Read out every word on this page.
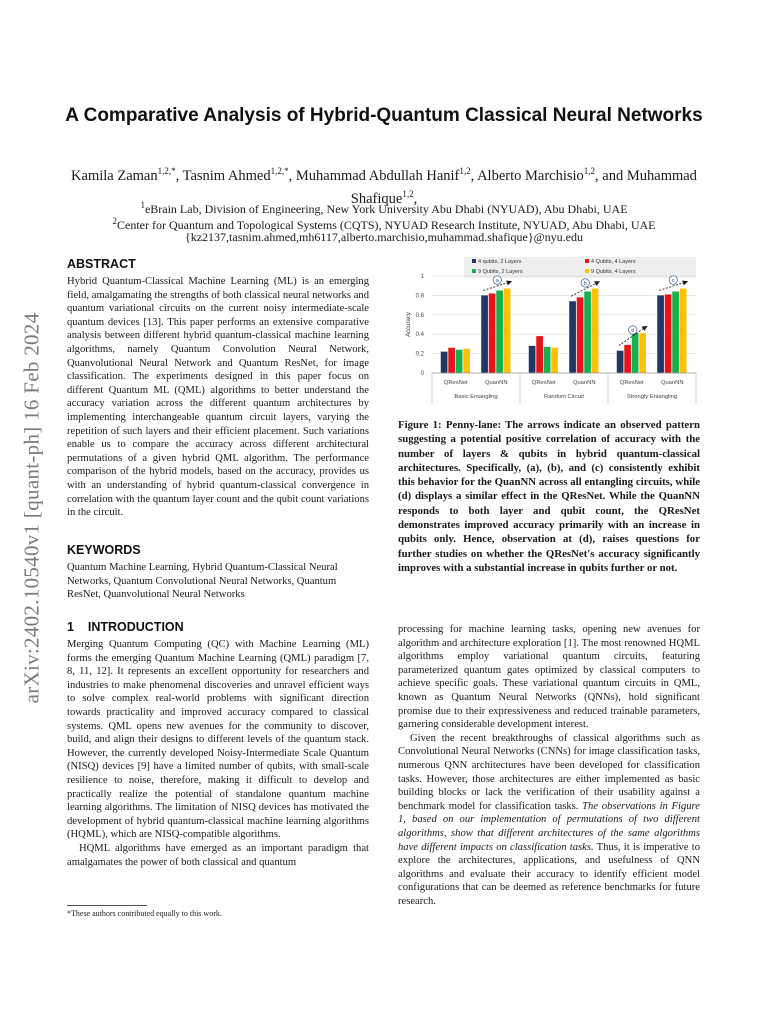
arXiv:2402.10540v1 [quant-ph] 16 Feb 2024
A Comparative Analysis of Hybrid-Quantum Classical Neural Networks
Kamila Zaman$^{1,2,*}$, Tasnim Ahmed$^{1,2,*}$, Muhammad Abdullah Hanif$^{1,2}$, Alberto Marchisio$^{1,2}$, and Muhammad Shafique$^{1,2}$,
$^1$eBrain Lab, Division of Engineering, New York University Abu Dhabi (NYUAD), Abu Dhabi, UAE
$^2$Center for Quantum and Topological Systems (CQTS), NYUAD Research Institute, NYUAD, Abu Dhabi, UAE
{kz2137,tasnim.ahmed,mh6117,alberto.marchisio,muhammad.shafique}@nyu.edu
ABSTRACT
Hybrid Quantum-Classical Machine Learning (ML) is an emerging field, amalgamating the strengths of both classical neural networks and quantum variational circuits on the current noisy intermediate-scale quantum devices [13]. This paper performs an extensive comparative analysis between different hybrid quantum-classical machine learning algorithms, namely Quantum Convolution Neural Network, Quanvolutional Neural Network and Quantum ResNet, for image classification. The experiments designed in this paper focus on different Quantum ML (QML) algorithms to better understand the accuracy variation across the different quantum architectures by implementing interchangeable quantum circuit layers, varying the repetition of such layers and their efficient placement. Such variations enable us to compare the accuracy across different architectural permutations of a given hybrid QML algorithm. The performance comparison of the hybrid models, based on the accuracy, provides us with an understanding of hybrid quantum-classical convergence in correlation with the quantum layer count and the qubit count variations in the circuit.
KEYWORDS
Quantum Machine Learning, Hybrid Quantum-Classical Neural Networks, Quantum Convolutional Neural Networks, Quantum ResNet, Quanvolutional Neural Networks
1    INTRODUCTION

Merging Quantum Computing (QC) with Machine Learning (ML) forms the emerging Quantum Machine Learning (QML) paradigm [7, 8, 11, 12]. It represents an excellent opportunity for researchers and industries to make phenomenal discoveries and unravel efficient ways to solve complex real-world problems with significant direction towards practicality and improved accuracy compared to classical systems. QML opens new avenues for the community to discover, build, and align their designs to different levels of the quantum stack. However, the currently developed Noisy-Intermediate Scale Quantum (NISQ) devices [9] have a limited number of qubits, with small-scale resilience to noise, therefore, making it difficult to develop and practically realize the potential of standalone quantum machine learning algorithms. The limitation of NISQ devices has motivated the development of hybrid quantum-classical machine learning algorithms (HQML), which are NISQ-compatible algorithms.

HQML algorithms have emerged as an important paradigm that amalgamates the power of both classical and quantum

*These authors contributed equally to this work.

processing for machine learning tasks, opening new avenues for algorithm and architecture exploration [1]. The most renowned HQML algorithms employ variational quantum circuits, featuring parameterized quantum gates optimized by classical computers to achieve specific goals. These variational quantum circuits in QML, known as Quantum Neural Networks (QNNs), hold significant promise due to their expressiveness and reduced trainable parameters, garnering considerable development interest.

Given the recent breakthroughs of classical algorithms such as Convolutional Neural Networks (CNNs) for image classification tasks, numerous QNN architectures have been developed for classification tasks. However, those architectures are either implemented as basic building blocks or lack the verification of their usability against a benchmark model for classification tasks. The observations in Figure 1, based on our implementation of permutations of two different algorithms, show that different architectures of the same algorithms have different impacts on classification tasks. Thus, it is imperative to explore the architectures, applications, and usefulness of QNN algorithms and evaluate their accuracy to identify efficient model configurations that can be deemed as reference benchmarks for future research.

4 qubits, 2 Layers	4 Qubits, 4 Layers
9 Qubits, 2 Layers	9 Qubits, 4 Layers
0
0.2
0.4
0.6
0.8
1
Accuracy
QResNet	QuanNN
Basic Entangling
QResNet	QuanNN
Random Circuit
QResNet	QuanNN
Strongly Entangling
a	b	c
d
Figure 1: Penny-lane: The arrows indicate an observed pattern suggesting a potential positive correlation of accuracy with the number of layers & qubits in hybrid quantum-classical architectures. Specifically, (a), (b), and (c) consistently exhibit this behavior for the QuanNN across all entangling circuits, while (d) displays a similar effect in the QResNet. While the QuanNN responds to both layer and qubit count, the QResNet demonstrates improved accuracy primarily with an increase in qubits only. Hence, observation at (d), raises questions for further studies on whether the QResNet's accuracy significantly improves with a substantial increase in qubits further or not.
